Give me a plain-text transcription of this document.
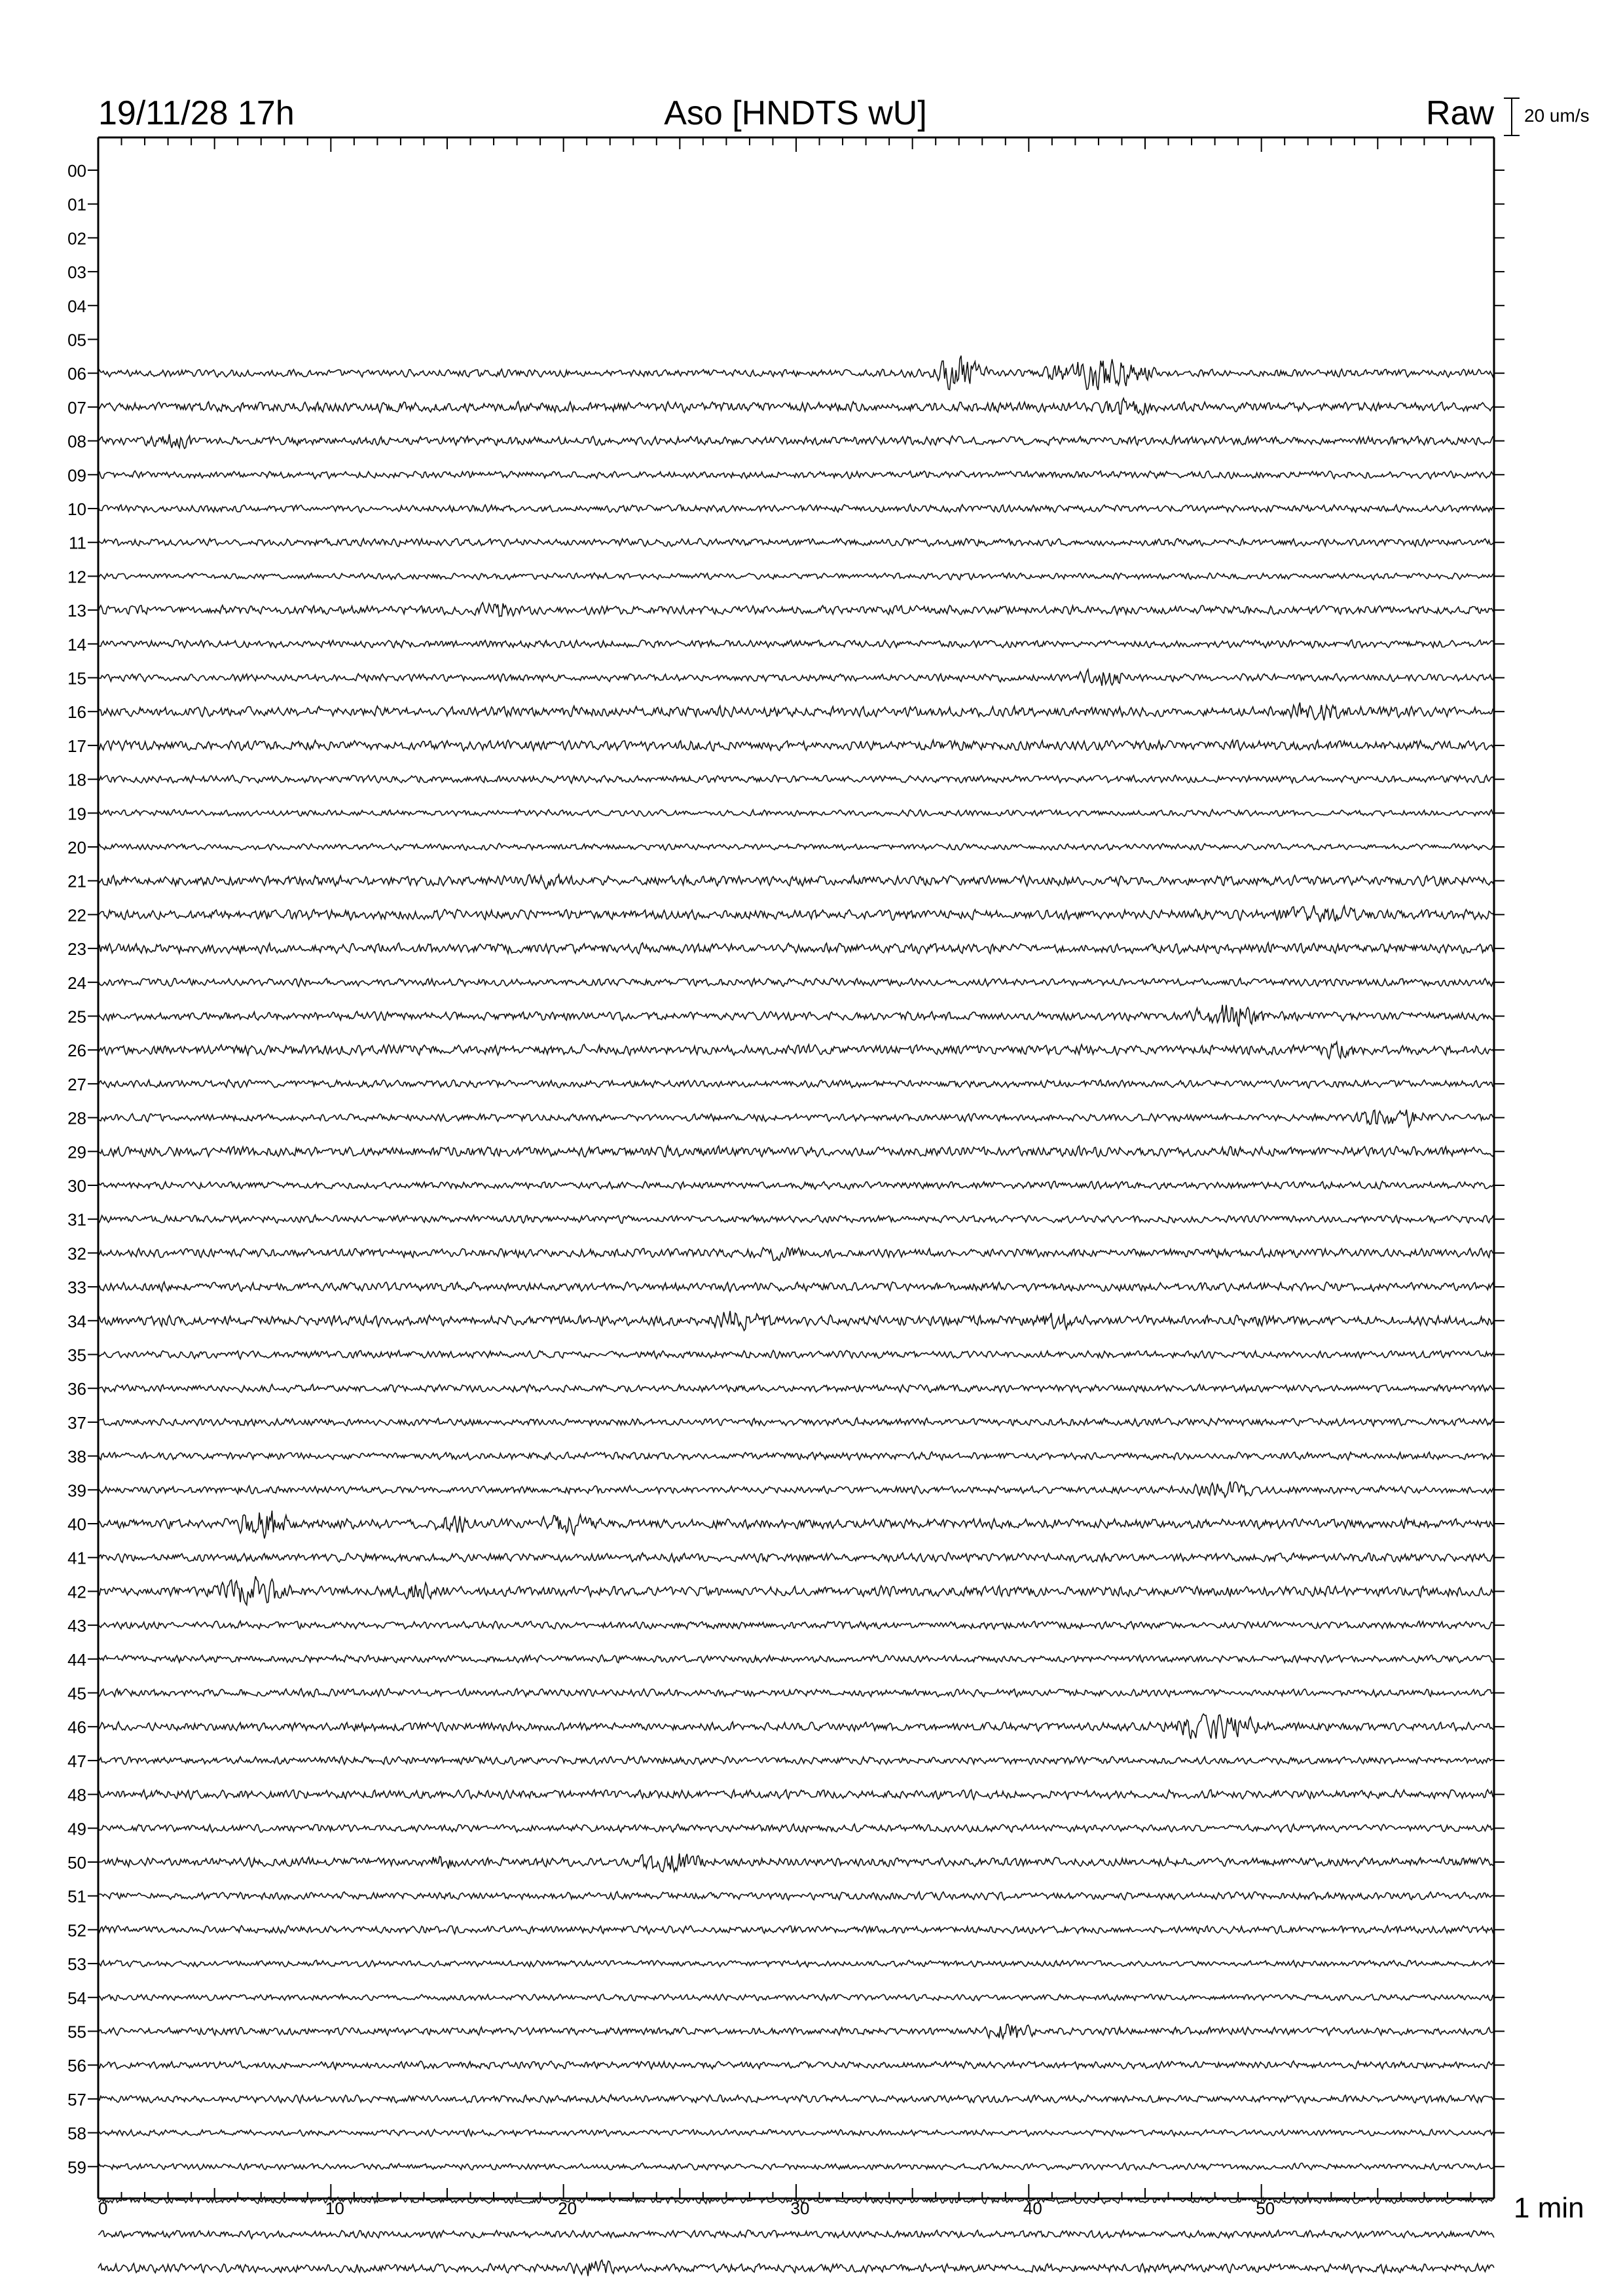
19/11/28 17h	Aso [HNDTS wU]	Raw 20 um/s
00
01
02
03
04
05
06
07
08
09
10
11
12
13
14
15
16
17
18
19
20
21
22
23
24
25
26
27
28
29
30
31
32
33
34
35
36
37
38
39
40
41
42
43
44
45
46
47
48
49
50
51
52
53
54
55
56
57
58
59
0	10	20	30	40	50	1 min
